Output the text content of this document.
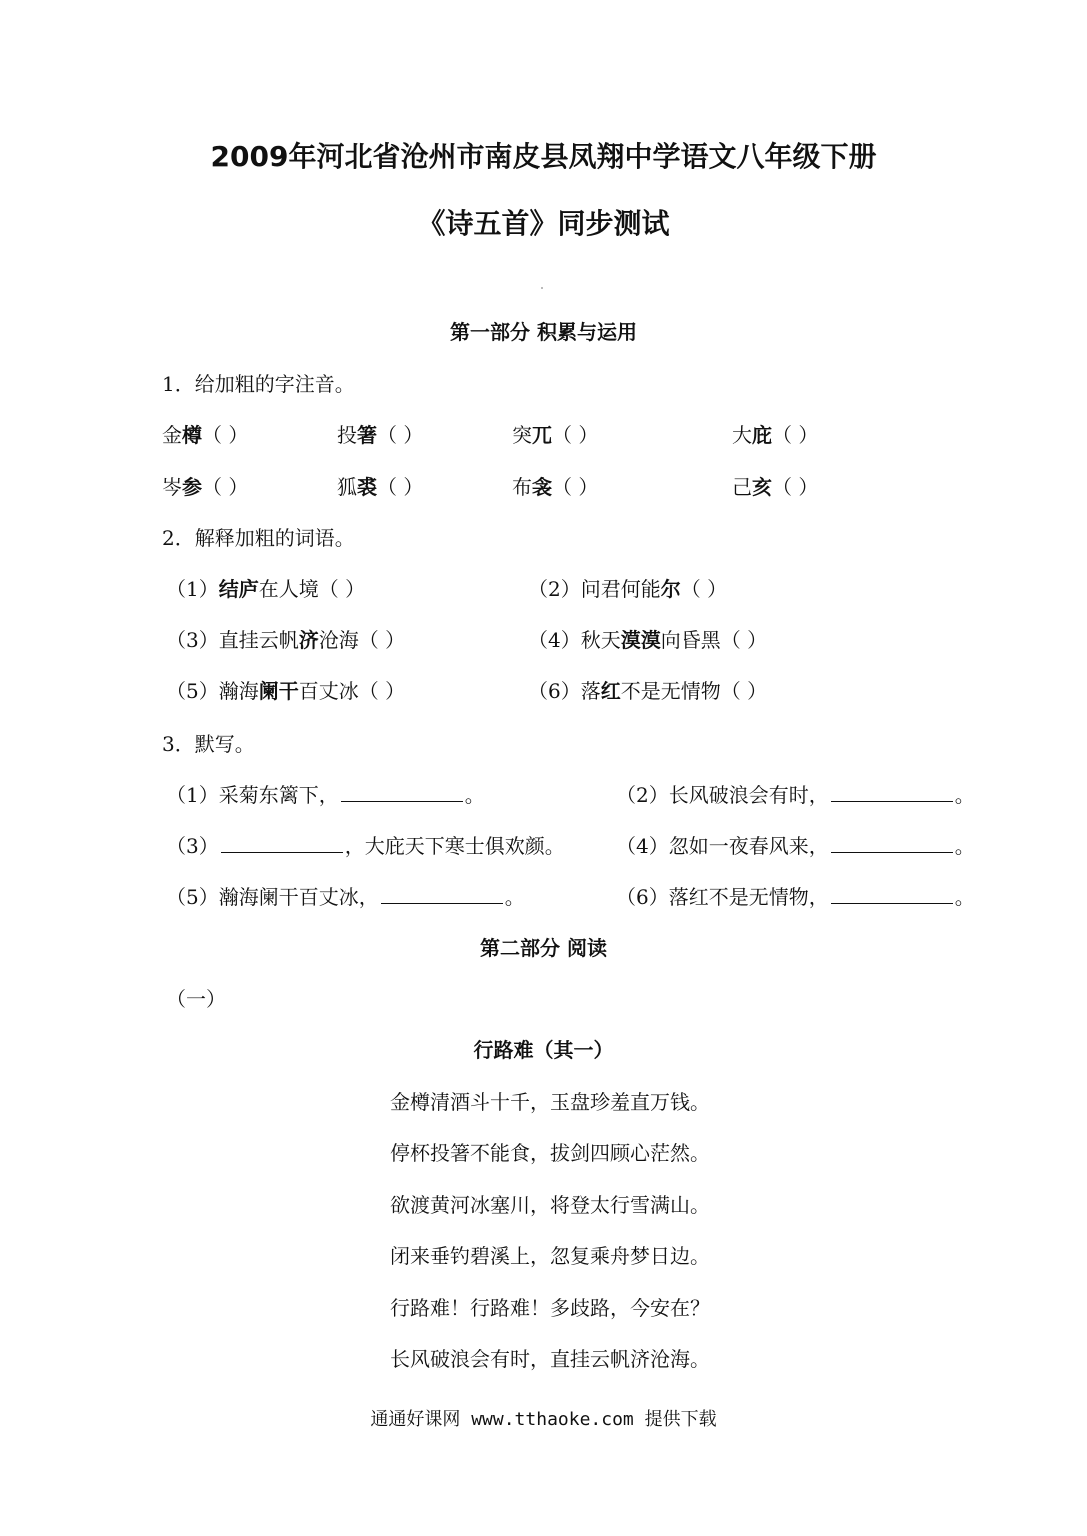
2009年河北省沧州市南皮县凤翔中学语文八年级下册
《诗五首》同步测试
第一部分 积累与运用
1．给加粗的字注音。
金樽（ ）	投箸（ ）	突兀（ ）	大庇（ ）
岑参（ ）	狐裘（ ）	布衾（ ）	己亥（ ）
2．解释加粗的词语。
（1）结庐在人境（ ）	（2）问君何能尔（ ）
（3）直挂云帆济沧海（ ）	（4）秋天漠漠向昏黑（ ）
（5）瀚海阑干百丈冰（ ）	（6）落红不是无情物（ ）
3．默写。
（1）采菊东篱下，	。	（2）长风破浪会有时，	。
（3）	，大庇天下寒士俱欢颜。	（4）忽如一夜春风来，	。
（5）瀚海阑干百丈冰，	。	（6）落红不是无情物，	。
第二部分 阅读
（一）
行路难（其一）
金樽清酒斗十千，玉盘珍羞直万钱。
停杯投箸不能食，拔剑四顾心茫然。
欲渡黄河冰塞川，将登太行雪满山。
闭来垂钓碧溪上，忽复乘舟梦日边。
行路难！行路难！多歧路，今安在？
长风破浪会有时，直挂云帆济沧海。
通通好课网 www.tthaoke.com 提供下载
